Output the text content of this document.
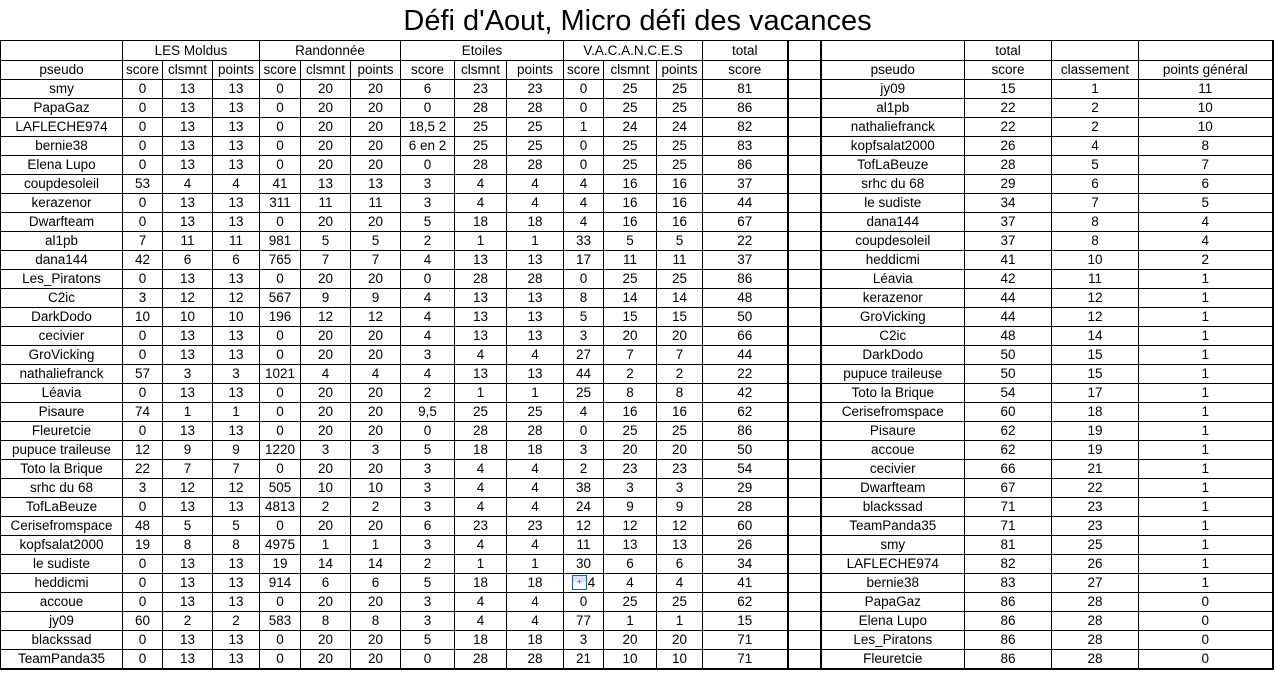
Défi d'Aout, Micro défi des vacances
	LES Moldus			Randonnée			Etoiles			V.A.C.A.N.C.E.S			total			total		
pseudo	score	clsmnt	points	score	clsmnt	points	score	clsmnt	points	score	clsmnt	points	score		pseudo	score	classement	points général
smy	0	13	13	0	20	20	6	23	23	0	25	25	81		jy09	15	1	11
PapaGaz	0	13	13	0	20	20	0	28	28	0	25	25	86		al1pb	22	2	10
LAFLECHE974	0	13	13	0	20	20	18,5 2	25	25	1	24	24	82		nathaliefranck	22	2	10
bernie38	0	13	13	0	20	20	6 en 2	25	25	0	25	25	83		kopfsalat2000	26	4	8
Elena Lupo	0	13	13	0	20	20	0	28	28	0	25	25	86		TofLaBeuze	28	5	7
coupdesoleil	53	4	4	41	13	13	3	4	4	4	16	16	37		srhc du 68	29	6	6
kerazenor	0	13	13	311	11	11	3	4	4	4	16	16	44		le sudiste	34	7	5
Dwarfteam	0	13	13	0	20	20	5	18	18	4	16	16	67		dana144	37	8	4
al1pb	7	11	11	981	5	5	2	1	1	33	5	5	22		coupdesoleil	37	8	4
dana144	42	6	6	765	7	7	4	13	13	17	11	11	37		heddicmi	41	10	2
Les_Piratons	0	13	13	0	20	20	0	28	28	0	25	25	86		Léavia	42	11	1
C2ic	3	12	12	567	9	9	4	13	13	8	14	14	48		kerazenor	44	12	1
DarkDodo	10	10	10	196	12	12	4	13	13	5	15	15	50		GroVicking	44	12	1
cecivier	0	13	13	0	20	20	4	13	13	3	20	20	66		C2ic	48	14	1
GroVicking	0	13	13	0	20	20	3	4	4	27	7	7	44		DarkDodo	50	15	1
nathaliefranck	57	3	3	1021	4	4	4	13	13	44	2	2	22		pupuce traileuse	50	15	1
Léavia	0	13	13	0	20	20	2	1	1	25	8	8	42		Toto la Brique	54	17	1
Pisaure	74	1	1	0	20	20	9,5	25	25	4	16	16	62		Cerisefromspace	60	18	1
Fleuretcie	0	13	13	0	20	20	0	28	28	0	25	25	86		Pisaure	62	19	1
pupuce traileuse	12	9	9	1220	3	3	5	18	18	3	20	20	50		accoue	62	19	1
Toto la Brique	22	7	7	0	20	20	3	4	4	2	23	23	54		cecivier	66	21	1
srhc du 68	3	12	12	505	10	10	3	4	4	38	3	3	29		Dwarfteam	67	22	1
TofLaBeuze	0	13	13	4813	2	2	3	4	4	24	9	9	28		blackssad	71	23	1
Cerisefromspace	48	5	5	0	20	20	6	23	23	12	12	12	60		TeamPanda35	71	23	1
kopfsalat2000	19	8	8	4975	1	1	3	4	4	11	13	13	26		smy	81	25	1
le sudiste	0	13	13	19	14	14	2	1	1	30	6	6	34		LAFLECHE974	82	26	1
heddicmi	0	13	13	914	6	6	5	18	18	+ 4	4	4	41		bernie38	83	27	1
accoue	0	13	13	0	20	20	3	4	4	0	25	25	62		PapaGaz	86	28	0
jy09	60	2	2	583	8	8	3	4	4	77	1	1	15		Elena Lupo	86	28	0
blackssad	0	13	13	0	20	20	5	18	18	3	20	20	71		Les_Piratons	86	28	0
TeamPanda35	0	13	13	0	20	20	0	28	28	21	10	10	71		Fleuretcie	86	28	0
